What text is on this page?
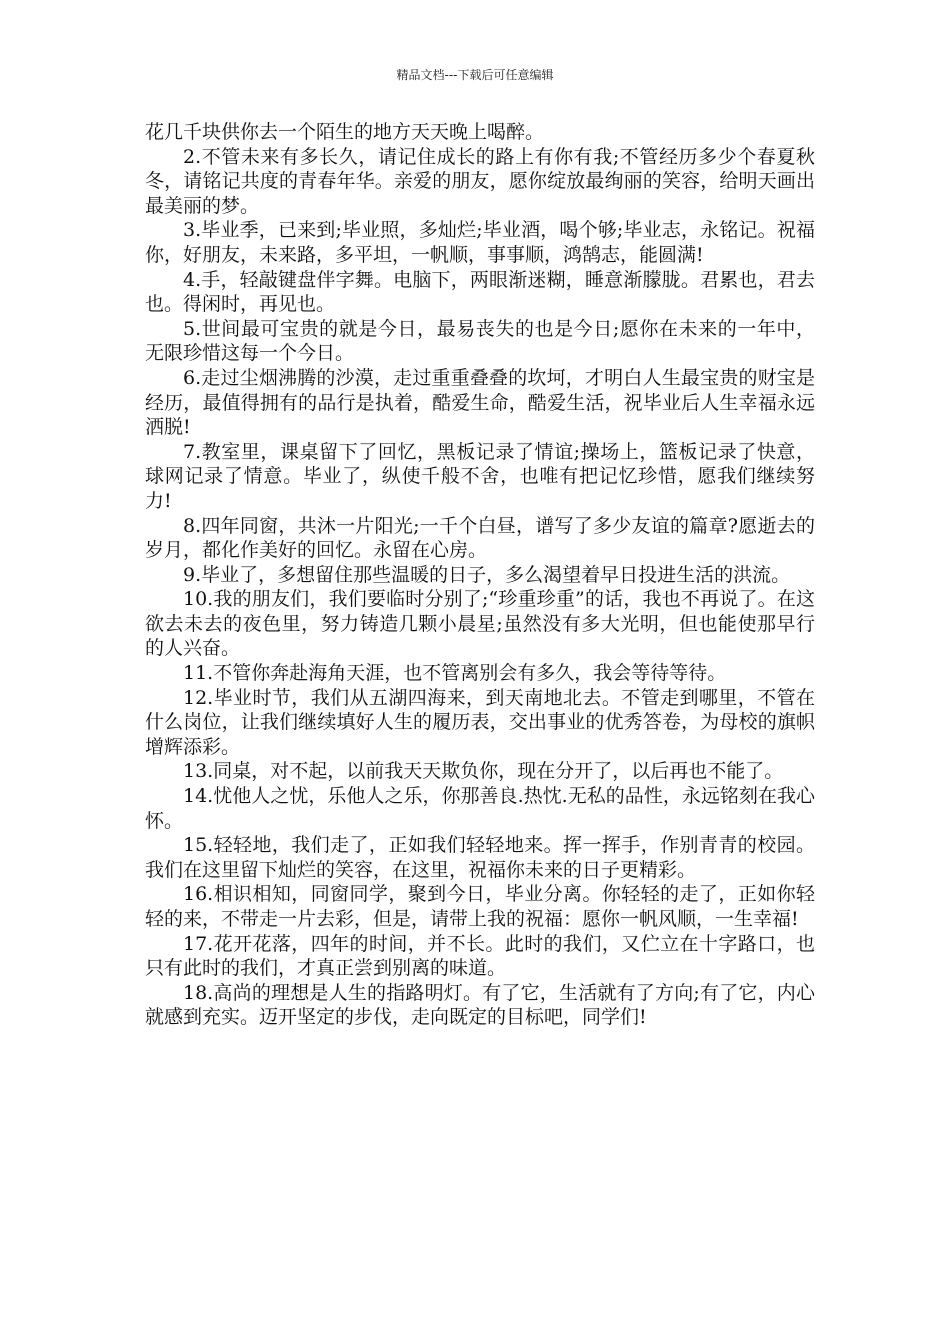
精品文档---下载后可任意编辑

花几千块供你去一个陌生的地方天天晚上喝醉。

2.不管未来有多长久，请记住成长的路上有你有我;不管经历多少个春夏秋冬，请铭记共度的青春年华。亲爱的朋友，愿你绽放最绚丽的笑容，给明天画出最美丽的梦。

3.毕业季，已来到;毕业照，多灿烂;毕业酒，喝个够;毕业志，永铭记。祝福你，好朋友，未来路，多平坦，一帆顺，事事顺，鸿鹄志，能圆满!

4.手，轻敲键盘伴字舞。电脑下，两眼渐迷糊，睡意渐朦胧。君累也，君去也。得闲时，再见也。

5.世间最可宝贵的就是今日，最易丧失的也是今日;愿你在未来的一年中，无限珍惜这每一个今日。

6.走过尘烟沸腾的沙漠，走过重重叠叠的坎坷，才明白人生最宝贵的财宝是经历，最值得拥有的品行是执着，酷爱生命，酷爱生活，祝毕业后人生幸福永远洒脱!

7.教室里，课桌留下了回忆，黑板记录了情谊;操场上，篮板记录了快意，球网记录了情意。毕业了，纵使千般不舍，也唯有把记忆珍惜，愿我们继续努力!

8.四年同窗，共沐一片阳光;一千个白昼，谱写了多少友谊的篇章?愿逝去的岁月，都化作美好的回忆。永留在心房。

9.毕业了，多想留住那些温暖的日子，多么渴望着早日投进生活的洪流。

10.我的朋友们，我们要临时分别了;“珍重珍重”的话，我也不再说了。在这欲去未去的夜色里，努力铸造几颗小晨星;虽然没有多大光明，但也能使那早行的人兴奋。

11.不管你奔赴海角天涯，也不管离别会有多久，我会等待等待。

12.毕业时节，我们从五湖四海来，到天南地北去。不管走到哪里，不管在什么岗位，让我们继续填好人生的履历表，交出事业的优秀答卷，为母校的旗帜增辉添彩。

13.同桌，对不起，以前我天天欺负你，现在分开了，以后再也不能了。

14.忧他人之忧，乐他人之乐，你那善良.热忱.无私的品性，永远铭刻在我心怀。

15.轻轻地，我们走了，正如我们轻轻地来。挥一挥手，作别青青的校园。我们在这里留下灿烂的笑容，在这里，祝福你未来的日子更精彩。

16.相识相知，同窗同学，聚到今日，毕业分离。你轻轻的走了，正如你轻轻的来，不带走一片去彩，但是，请带上我的祝福：愿你一帆风顺，一生幸福!

17.花开花落，四年的时间，并不长。此时的我们，又伫立在十字路口，也只有此时的我们，才真正尝到别离的味道。

18.高尚的理想是人生的指路明灯。有了它，生活就有了方向;有了它，内心就感到充实。迈开坚定的步伐，走向既定的目标吧，同学们!
